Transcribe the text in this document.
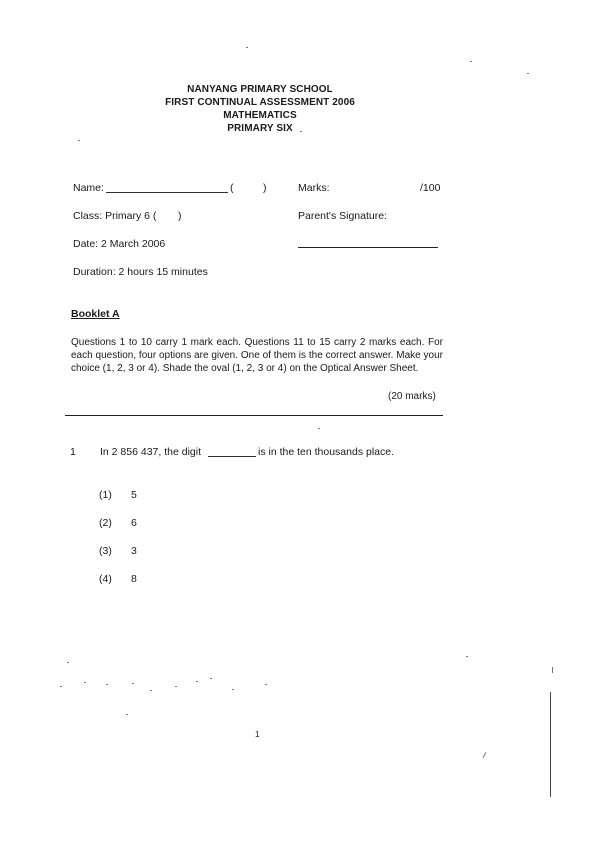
NANYANG PRIMARY SCHOOL
FIRST CONTINUAL ASSESSMENT 2006
MATHEMATICS
PRIMARY SIX
Name:	(	)	Marks:	/100
Class: Primary 6 ( )	Parent's Signature:
Date: 2 March 2006
Duration: 2 hours 15 minutes
Booklet A
Questions 1 to 10 carry 1 mark each. Questions 11 to 15 carry 2 marks each. For each question, four options are given. One of them is the correct answer. Make your choice (1, 2, 3 or 4). Shade the oval (1, 2, 3 or 4) on the Optical Answer Sheet.
(20 marks)
1 In 2 856 437, the digit	is in the ten thousands place.
(1) 5
(2) 6
(3) 3
(4) 8
1
